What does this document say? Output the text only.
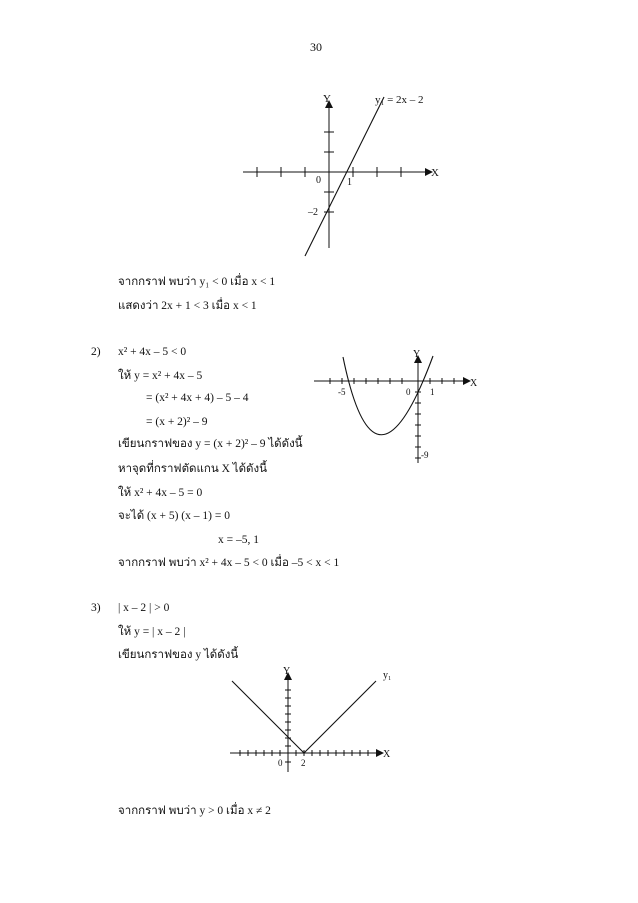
30
Y
X
0	1
–2
y₁ = 2x – 2
จากกราฟ พบว่า y₁ < 0 เมื่อ x < 1
แสดงว่า 2x + 1 < 3 เมื่อ x < 1
2) x² + 4x – 5 < 0
ให้ y = x² + 4x – 5
= (x² + 4x + 4) – 5 – 4
= (x + 2)² – 9
เขียนกราฟของ y = (x + 2)² – 9 ได้ดังนี้
หาจุดที่กราฟตัดแกน X ได้ดังนี้
ให้ x² + 4x – 5 = 0
จะได้ (x + 5) (x – 1) = 0
x = –5, 1
จากกราฟ พบว่า x² + 4x – 5 < 0 เมื่อ –5 < x < 1
Y
X
0
-5	1
-9
3) | x – 2 | > 0
ให้ y = | x – 2 |
เขียนกราฟของ y ได้ดังนี้
Y
X
0 2
y₁
จากกราฟ พบว่า y > 0 เมื่อ x ≠ 2
